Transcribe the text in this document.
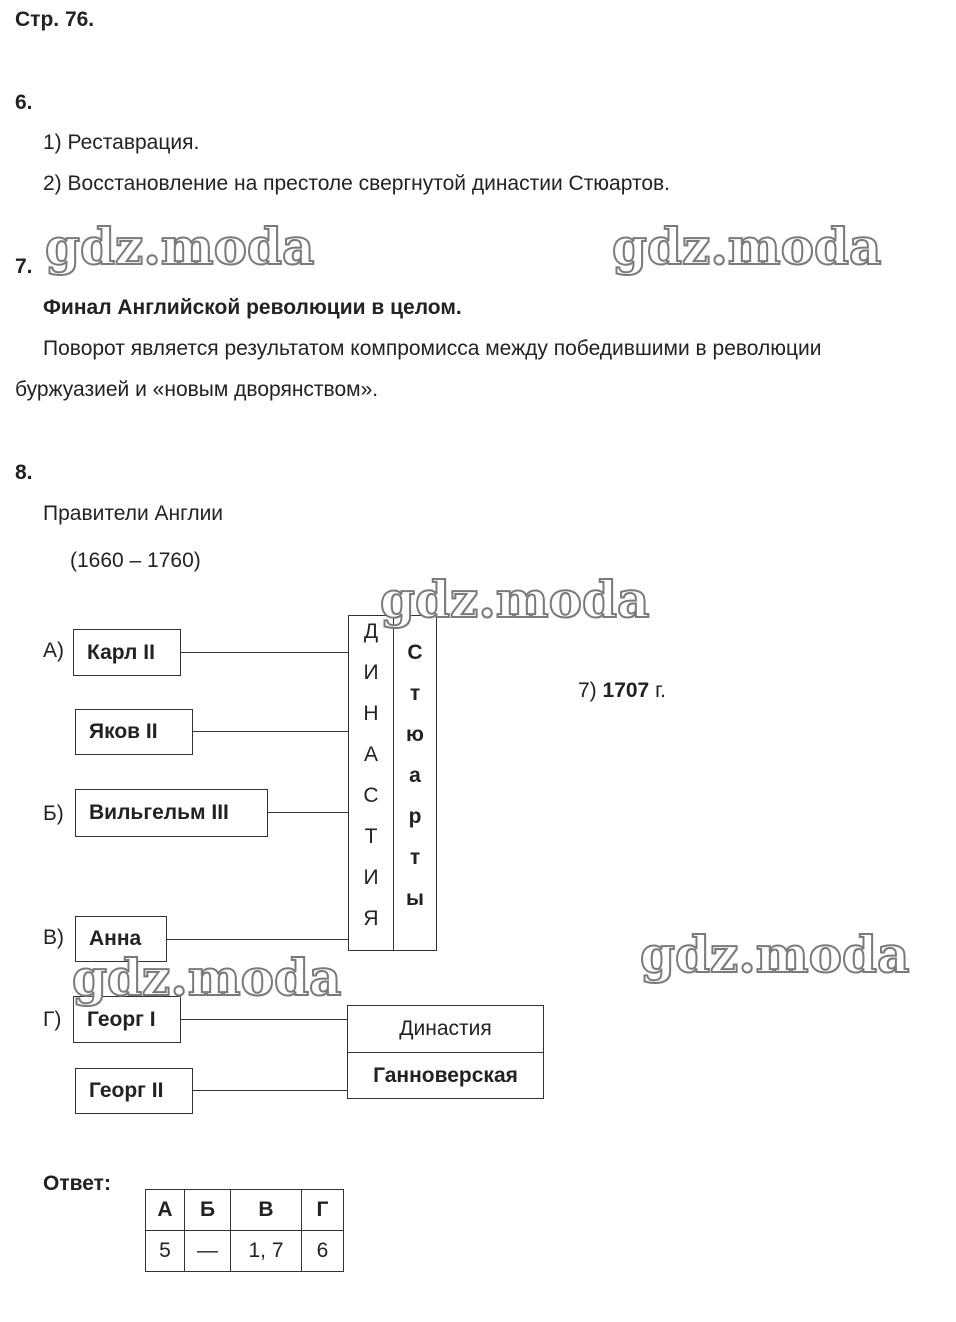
Стр. 76.
6.
1) Реставрация.
2) Восстановление на престоле свергнутой династии Стюартов.
7.
Финал Английской революции в целом.
Поворот является результатом компромисса между победившими в революции
буржуазией и «новым дворянством».
8.
Правители Англии
(1660 – 1760)
А)
Б)
В)
Г)
Карл II
Яков II
Вильгельм III
Анна
Георг I
Георг II
Д
И
Н
А
С
Т
И
Я
С
т
ю
а
р
т
ы
7) 1707 г.
Династия
Ганноверская
Ответ:
А	Б	В	Г
5	—	1, 7	6
gdz.moda	gdz.moda
gdz.moda
gdz.moda
gdz.moda
